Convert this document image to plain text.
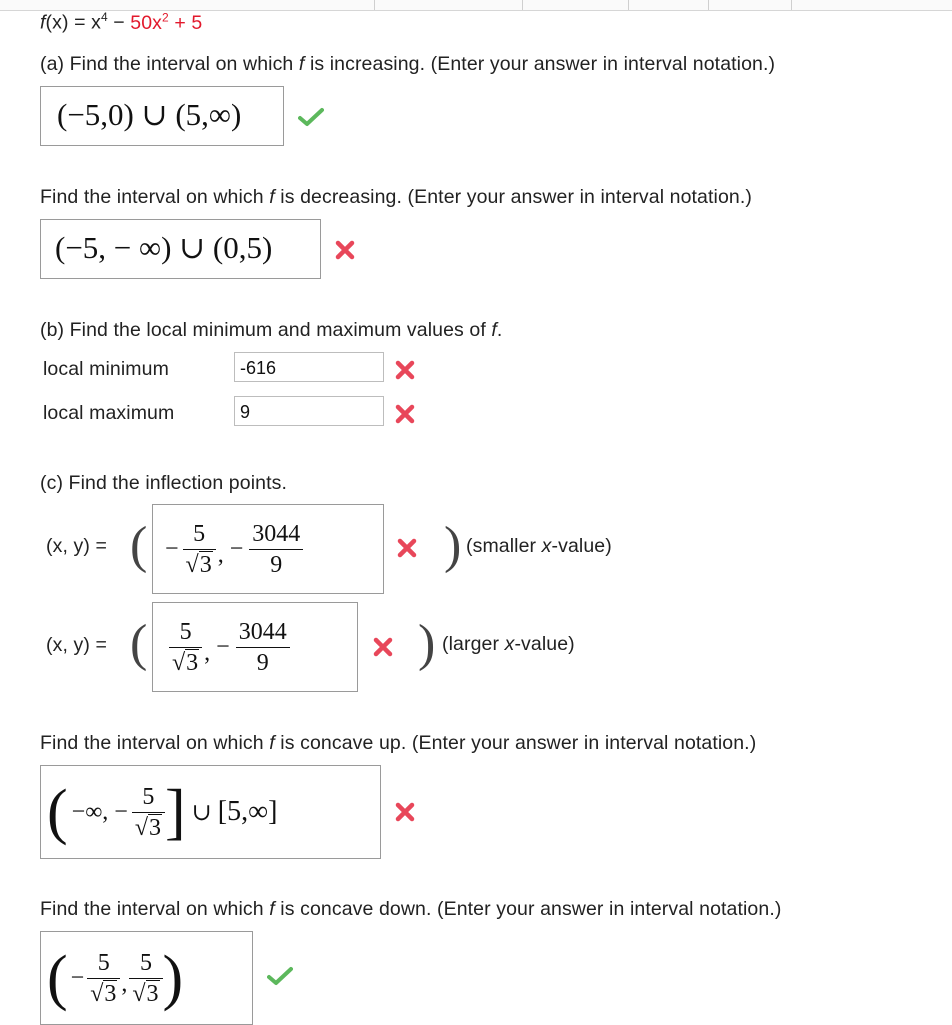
$f(x) = x^4 - 50x^2 + 5$
(a) Find the interval on which f is increasing. (Enter your answer in interval notation.)
(−5,0) ∪ (5,∞)
Find the interval on which f is decreasing. (Enter your answer in interval notation.)
(−5, − ∞) ∪ (0,5)
(b) Find the local minimum and maximum values of f.
local minimum	-616
local maximum	9
(c) Find the inflection points.
(x, y) = ( − $\frac{5}{√3}$ , − $\frac{3044}{9}$	) (smaller x-value)
(x, y) = ( $\frac{5}{√3}$ , − $\frac{3044}{9}$ ) (larger x-value)
Find the interval on which f is concave up. (Enter your answer in interval notation.)
( −∞, − $\frac{5}{√3}$ ] ∪ [5,∞]
Find the interval on which f is concave down. (Enter your answer in interval notation.)
( − $\frac{5}{√3}$ , $\frac{5}{√3}$ )
